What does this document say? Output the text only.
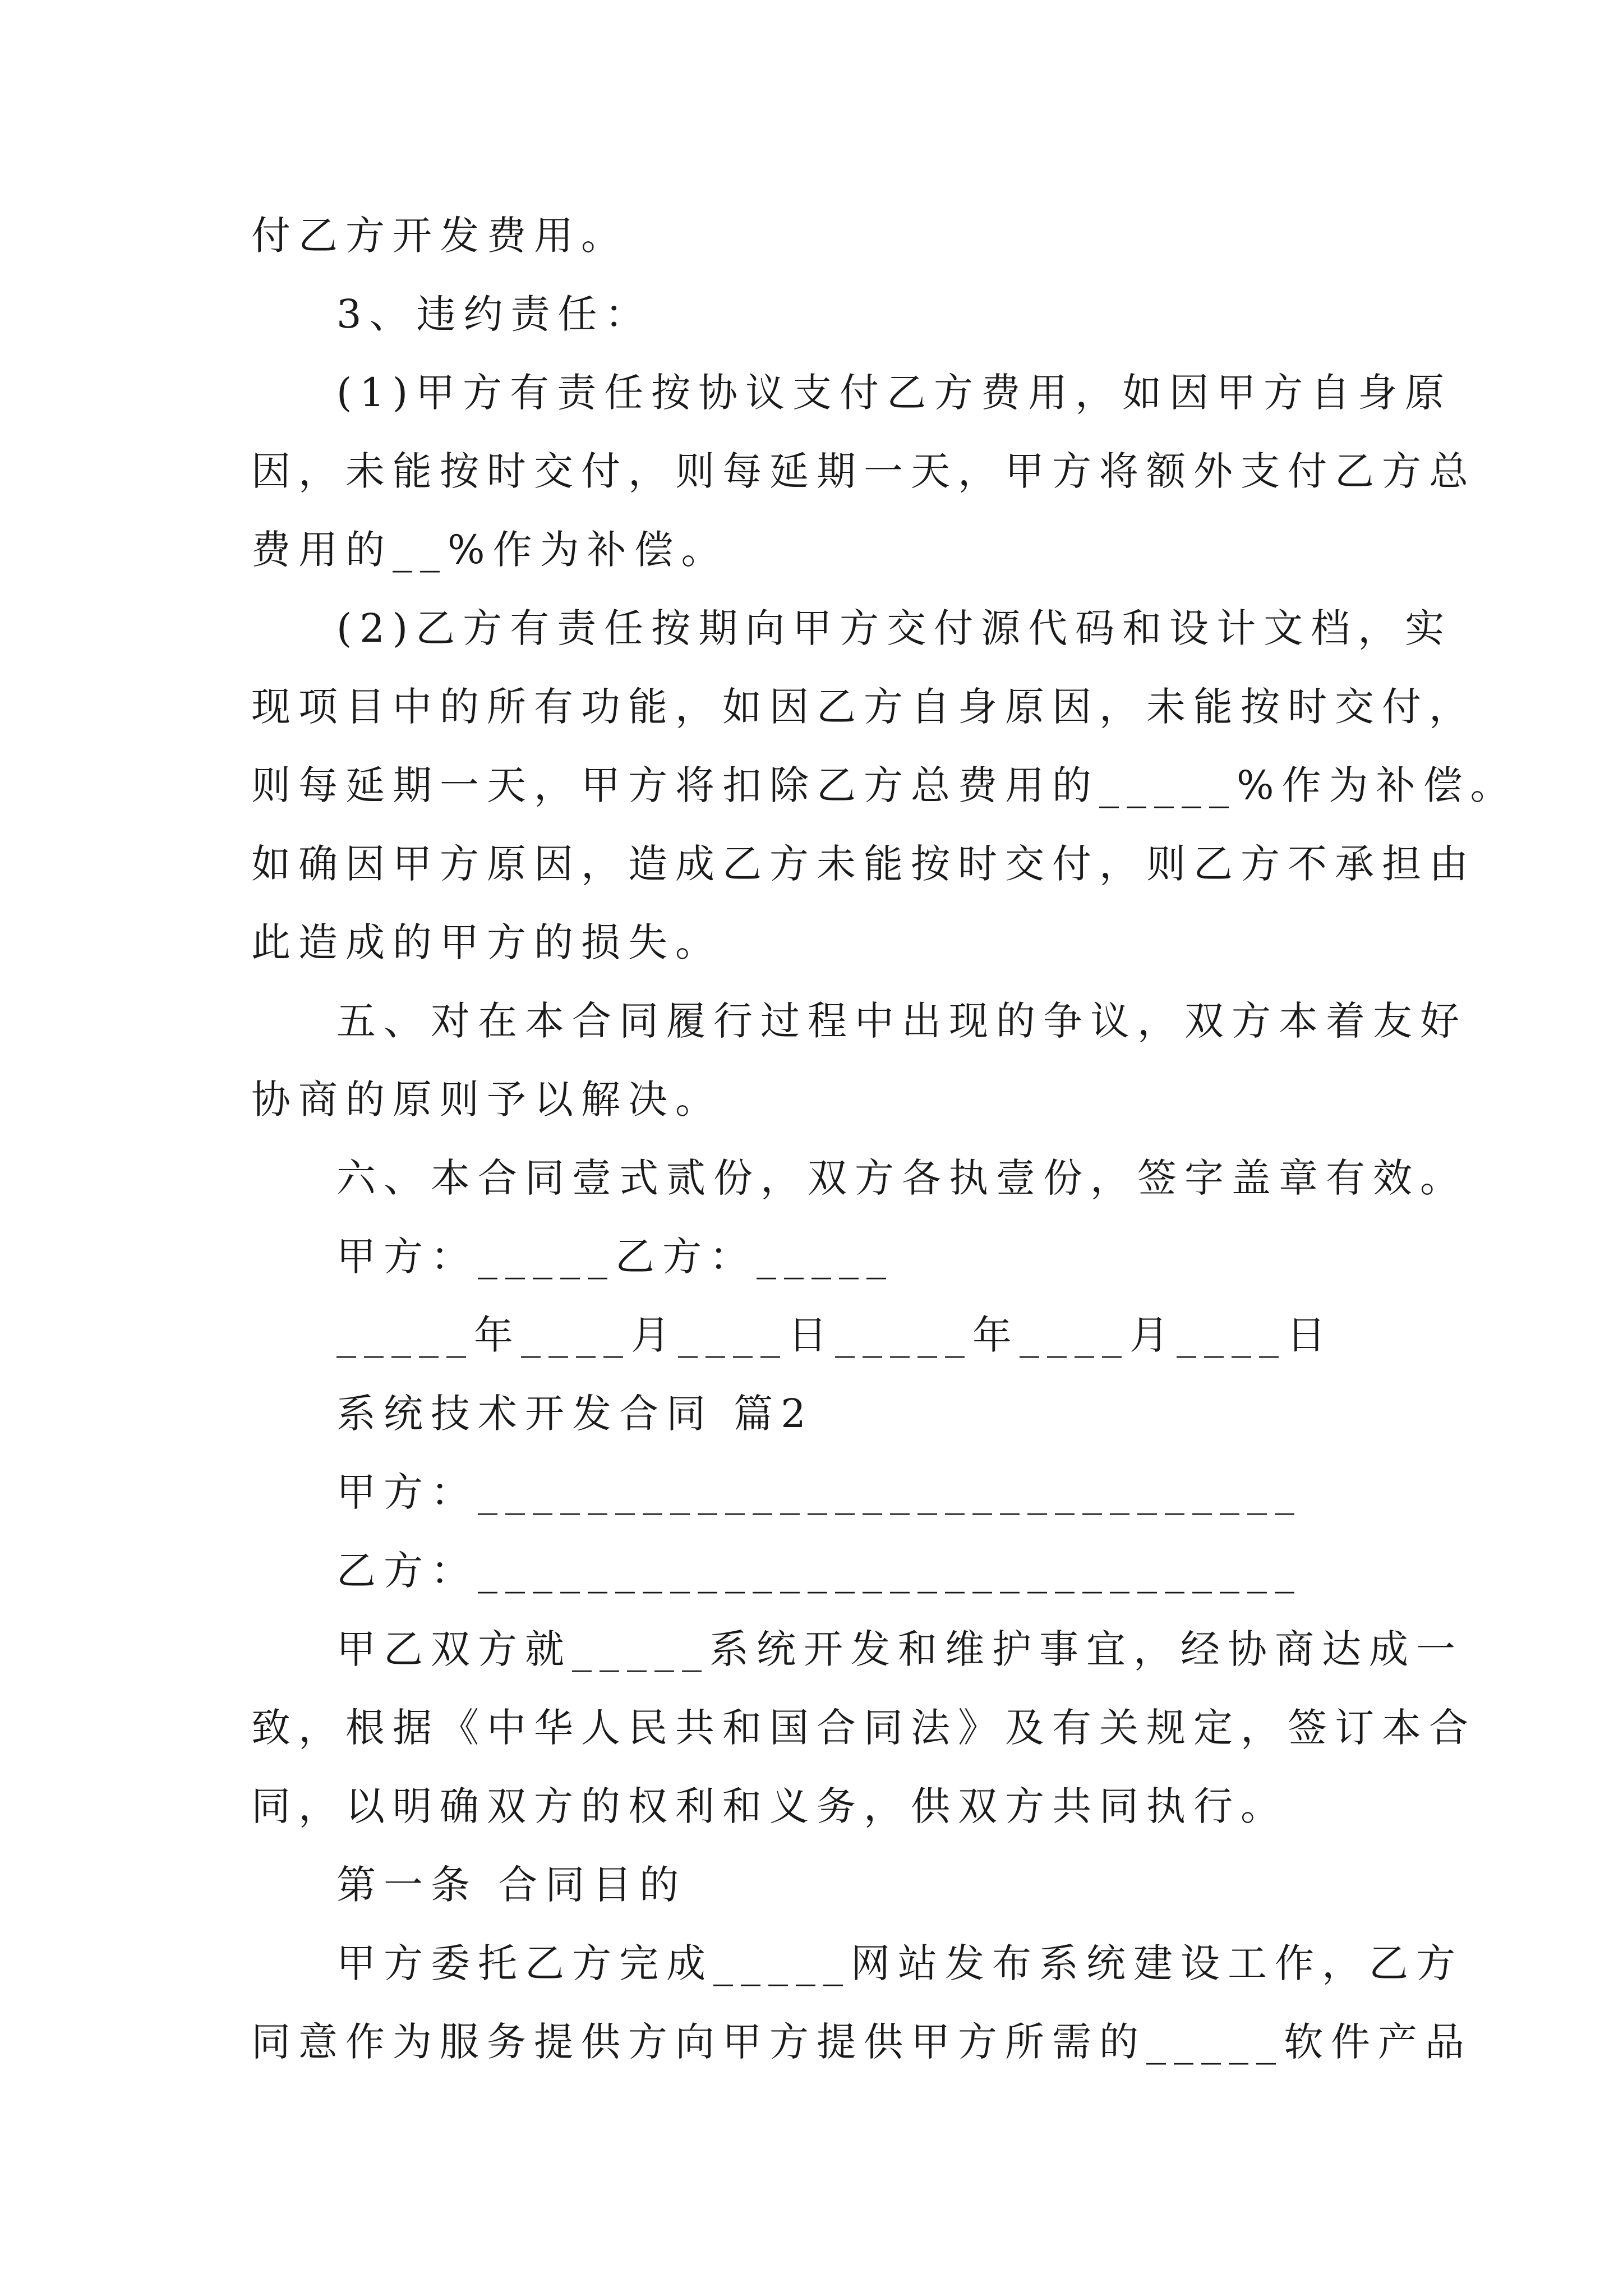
付乙方开发费用。
3、违约责任：
(1)甲方有责任按协议支付乙方费用，如因甲方自身原
因，未能按时交付，则每延期一天，甲方将额外支付乙方总
费用的__%作为补偿。
(2)乙方有责任按期向甲方交付源代码和设计文档，实
现项目中的所有功能，如因乙方自身原因，未能按时交付，
则每延期一天，甲方将扣除乙方总费用的_____%作为补偿。
如确因甲方原因，造成乙方未能按时交付，则乙方不承担由
此造成的甲方的损失。
五、对在本合同履行过程中出现的争议，双方本着友好
协商的原则予以解决。
六、本合同壹式贰份，双方各执壹份，签字盖章有效。
甲方：_____乙方：_____
_____年____月____日_____年____月____日
系统技术开发合同 篇2
甲方：______________________________
乙方：______________________________
甲乙双方就_____系统开发和维护事宜，经协商达成一
致，根据《中华人民共和国合同法》及有关规定，签订本合
同，以明确双方的权利和义务，供双方共同执行。
第一条 合同目的
甲方委托乙方完成_____网站发布系统建设工作，乙方
同意作为服务提供方向甲方提供甲方所需的_____软件产品
